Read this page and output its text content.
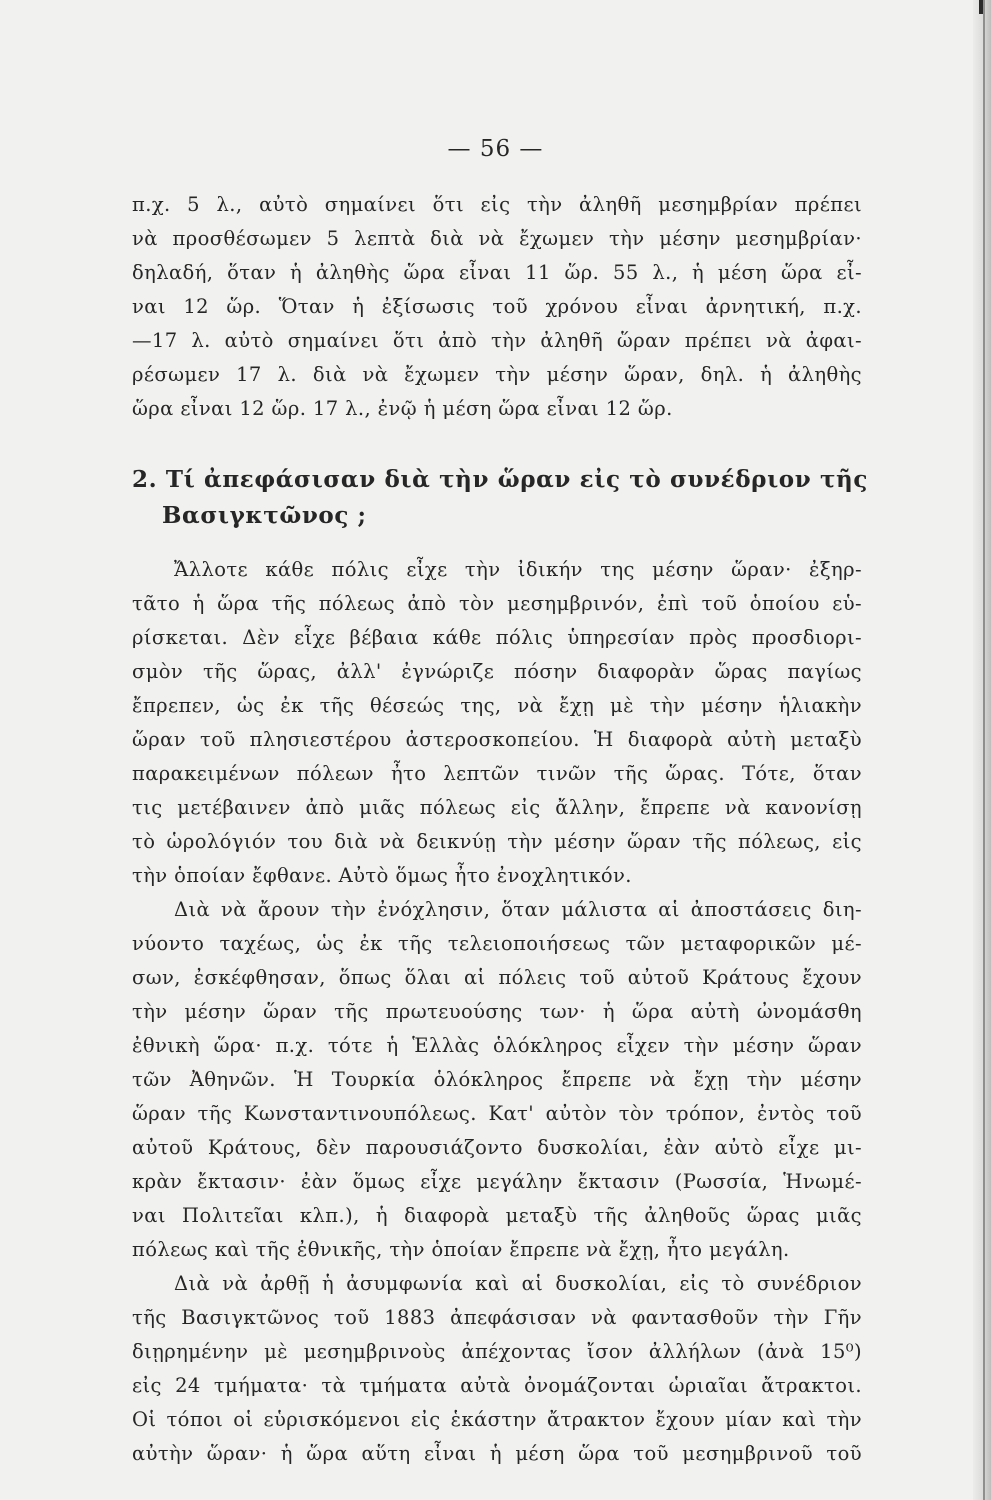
— 56 —
π.χ. 5 λ., αὐτὸ σημαίνει ὅτι εἰς τὴν ἀληθῆ μεσημβρίαν πρέπει
νὰ προσθέσωμεν 5 λεπτὰ διὰ νὰ ἔχωμεν τὴν μέσην μεσημβρίαν·
δηλαδή, ὅταν ἡ ἀληθὴς ὥρα εἶναι 11 ὥρ. 55 λ., ἡ μέση ὥρα εἶ-
ναι 12 ὥρ. Ὅταν ἡ ἐξίσωσις τοῦ χρόνου εἶναι ἀρνητική, π.χ.
—17 λ. αὐτὸ σημαίνει ὅτι ἀπὸ τὴν ἀληθῆ ὥραν πρέπει νὰ ἀφαι-
ρέσωμεν 17 λ. διὰ νὰ ἔχωμεν τὴν μέσην ὥραν, δηλ. ἡ ἀληθὴς
ὥρα εἶναι 12 ὥρ. 17 λ., ἐνῷ ἡ μέση ὥρα εἶναι 12 ὥρ.
2. Τί ἀπεφάσισαν διὰ τὴν ὥραν εἰς τὸ συνέδριον τῆς
Βασιγκτῶνος ;
Ἄλλοτε κάθε πόλις εἶχε τὴν ἰδικήν της μέσην ὥραν· ἐξηρ-
τᾶτο ἡ ὥρα τῆς πόλεως ἀπὸ τὸν μεσημβρινόν, ἐπὶ τοῦ ὁποίου εὑ-
ρίσκεται. Δὲν εἶχε βέβαια κάθε πόλις ὑπηρεσίαν πρὸς προσδιορι-
σμὸν τῆς ὥρας, ἀλλ' ἐγνώριζε πόσην διαφορὰν ὥρας παγίως
ἔπρεπεν, ὡς ἐκ τῆς θέσεώς της, νὰ ἔχῃ μὲ τὴν μέσην ἡλιακὴν
ὥραν τοῦ πλησιεστέρου ἀστεροσκοπείου. Ἡ διαφορὰ αὐτὴ μεταξὺ
παρακειμένων πόλεων ἦτο λεπτῶν τινῶν τῆς ὥρας. Τότε, ὅταν
τις μετέβαινεν ἀπὸ μιᾶς πόλεως εἰς ἄλλην, ἔπρεπε νὰ κανονίσῃ
τὸ ὡρολόγιόν του διὰ νὰ δεικνύῃ τὴν μέσην ὥραν τῆς πόλεως, εἰς
τὴν ὁποίαν ἔφθανε. Αὐτὸ ὅμως ἦτο ἐνοχλητικόν.
Διὰ νὰ ἄρουν τὴν ἐνόχλησιν, ὅταν μάλιστα αἱ ἀποστάσεις διη-
νύοντο ταχέως, ὡς ἐκ τῆς τελειοποιήσεως τῶν μεταφορικῶν μέ-
σων, ἐσκέφθησαν, ὅπως ὅλαι αἱ πόλεις τοῦ αὐτοῦ Κράτους ἔχουν
τὴν μέσην ὥραν τῆς πρωτευούσης των· ἡ ὥρα αὐτὴ ὠνομάσθη
ἐθνικὴ ὥρα· π.χ. τότε ἡ Ἑλλὰς ὁλόκληρος εἶχεν τὴν μέσην ὥραν
τῶν Ἀθηνῶν. Ἡ Τουρκία ὁλόκληρος ἔπρεπε νὰ ἔχῃ τὴν μέσην
ὥραν τῆς Κωνσταντινουπόλεως. Κατ' αὐτὸν τὸν τρόπον, ἐντὸς τοῦ
αὐτοῦ Κράτους, δὲν παρουσιάζοντο δυσκολίαι, ἐὰν αὐτὸ εἶχε μι-
κρὰν ἔκτασιν· ἐὰν ὅμως εἶχε μεγάλην ἔκτασιν (Ρωσσία, Ἡνωμέ-
ναι Πολιτεῖαι κλπ.), ἡ διαφορὰ μεταξὺ τῆς ἀληθοῦς ὥρας μιᾶς
πόλεως καὶ τῆς ἐθνικῆς, τὴν ὁποίαν ἔπρεπε νὰ ἔχῃ, ἦτο μεγάλη.
Διὰ νὰ ἀρθῇ ἡ ἀσυμφωνία καὶ αἱ δυσκολίαι, εἰς τὸ συνέδριον
τῆς Βασιγκτῶνος τοῦ 1883 ἀπεφάσισαν νὰ φαντασθοῦν τὴν Γῆν
διῃρημένην μὲ μεσημβρινοὺς ἀπέχοντας ἴσον ἀλλήλων (ἀνὰ 15⁰)
εἰς 24 τμήματα· τὰ τμήματα αὐτὰ ὀνομάζονται ὡριαῖαι ἄτρακτοι.
Οἱ τόποι οἱ εὑρισκόμενοι εἰς ἑκάστην ἄτρακτον ἔχουν μίαν καὶ τὴν
αὐτὴν ὥραν· ἡ ὥρα αὕτη εἶναι ἡ μέση ὥρα τοῦ μεσημβρινοῦ τοῦ
